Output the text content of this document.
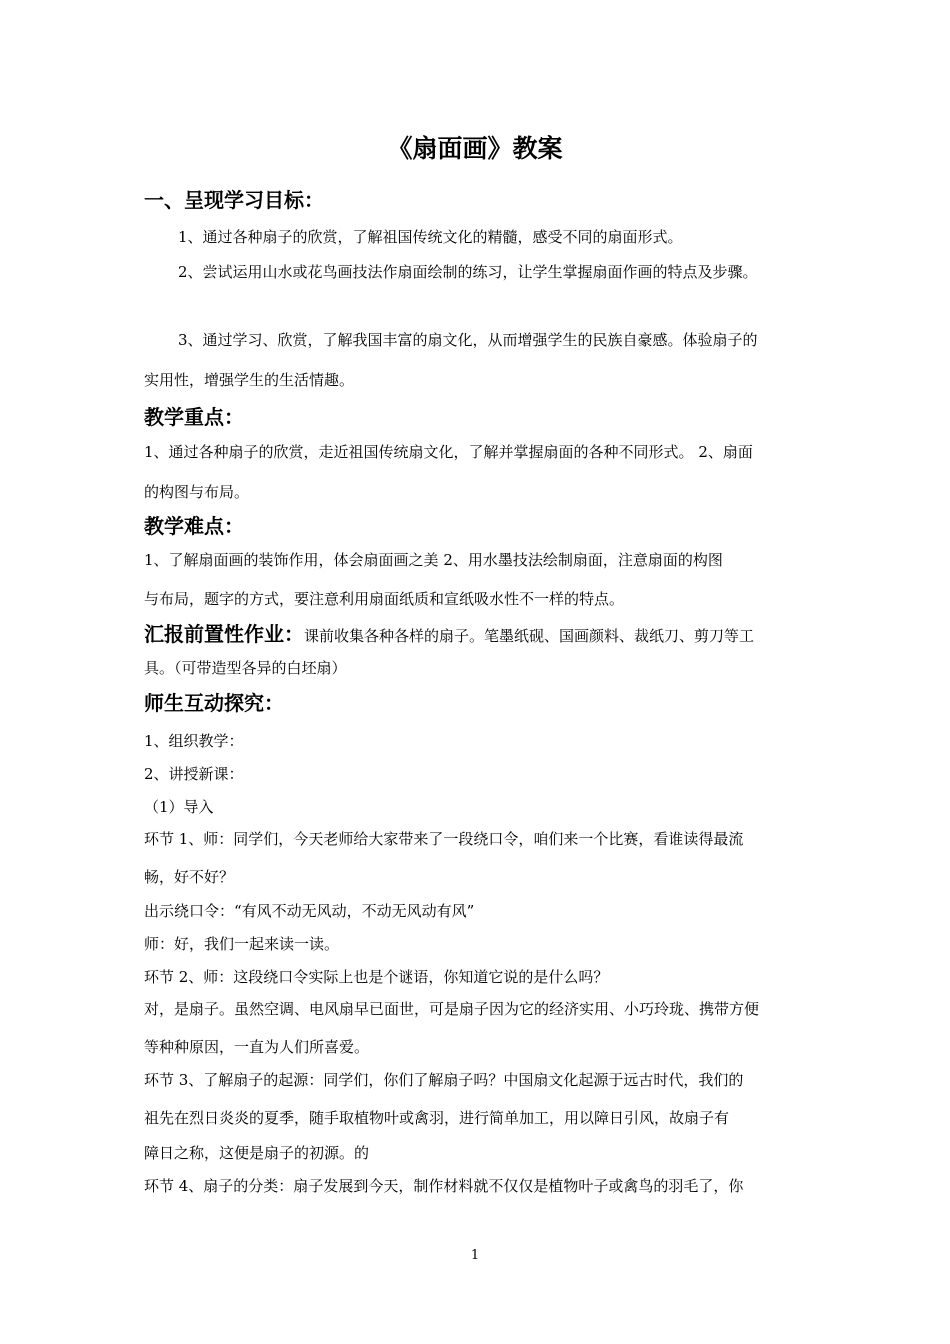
《扇面画》教案
一、呈现学习目标：

1、通过各种扇子的欣赏，了解祖国传统文化的精髓，感受不同的扇面形式。

2、尝试运用山水或花鸟画技法作扇面绘制的练习，让学生掌握扇面作画的特点及步骤。

3、通过学习、欣赏，了解我国丰富的扇文化，从而增强学生的民族自豪感。体验扇子的

实用性，增强学生的生活情趣。

教学重点：

1、通过各种扇子的欣赏，走近祖国传统扇文化，了解并掌握扇面的各种不同形式。 2、扇面

的构图与布局。

教学难点：

1、了解扇面画的装饰作用，体会扇面画之美 2、用水墨技法绘制扇面，注意扇面的构图

与布局，题字的方式，要注意利用扇面纸质和宣纸吸水性不一样的特点。

汇报前置性作业：课前收集各种各样的扇子。笔墨纸砚、国画颜料、裁纸刀、剪刀等工

具。（可带造型各异的白坯扇）

师生互动探究：

1、组织教学：

2、讲授新课：

（1）导入

环节 1、师：同学们，今天老师给大家带来了一段绕口令，咱们来一个比赛，看谁读得最流

畅，好不好？

出示绕口令：“有风不动无风动，不动无风动有风”

师：好，我们一起来读一读。

环节 2、师：这段绕口令实际上也是个谜语，你知道它说的是什么吗？

对，是扇子。虽然空调、电风扇早已面世，可是扇子因为它的经济实用、小巧玲珑、携带方便

等种种原因，一直为人们所喜爱。

环节 3、了解扇子的起源：同学们，你们了解扇子吗？中国扇文化起源于远古时代，我们的

祖先在烈日炎炎的夏季，随手取植物叶或禽羽，进行简单加工，用以障日引风，故扇子有

障日之称，这便是扇子的初源。的

环节 4、扇子的分类：扇子发展到今天，制作材料就不仅仅是植物叶子或禽鸟的羽毛了，你

1
